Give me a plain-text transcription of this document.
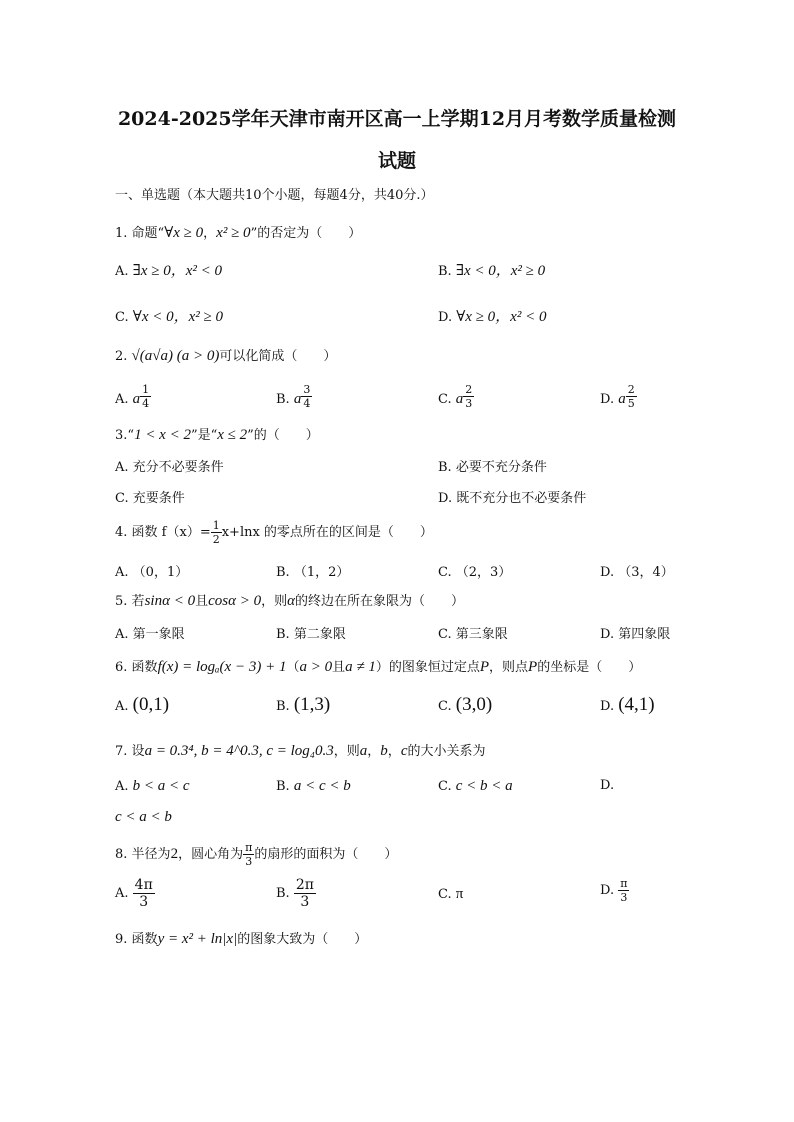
2024-2025学年天津市南开区高一上学期12月月考数学质量检测
试题
一、单选题（本大题共10个小题，每题4分，共40分.）
1. 命题“∀x ≥ 0，x² ≥ 0”的否定为（　　）
A. ∃x ≥ 0，x² < 0	B. ∃x < 0，x² ≥ 0
C. ∀x < 0，x² ≥ 0	D. ∀x ≥ 0，x² < 0
2. √(a√a) (a > 0)可以化简成（　　）
A. a $\frac{1}{4}$	B. a $\frac{3}{4}$	C. a $\frac{2}{3}$	D. a $\frac{2}{5}$
3.“1 < x < 2”是“x ≤ 2”的（　　）
A. 充分不必要条件	B. 必要不充分条件
C. 充要条件	D. 既不充分也不必要条件
4. 函数 $f(x)= \frac{1}{2} x+\ln x$ 的零点所在的区间是（　　）
A. （0，1）	B. （1，2）	C. （2，3）	D. （3，4）
5. 若sinα < 0且cosα > 0，则α的终边在所在象限为（　　）
A. 第一象限	B. 第二象限	C. 第三象限	D. 第四象限
6. 函数f(x) = logₐ(x − 3) + 1（a > 0且a ≠ 1）的图象恒过定点P，则点P的坐标是（　　）
A. (0,1)	B. (1,3)	C. (3,0)	D. (4,1)
7. 设a = 0.3⁴, b = 4^0.3, c = log₄0.3，则a，b，c的大小关系为
A. b < a < c	B. a < c < b	C. c < b < a	D.
c < a < b
8. 半径为2，圆心角为 $\frac{\pi}{3}$ 的扇形的面积为（　　）
A. $\frac{4\pi}{3}$	B. $\frac{2\pi}{3}$	C. π	D. $\frac{\pi}{3}$
9. 函数y = x² + ln|x|的图象大致为（　　）
